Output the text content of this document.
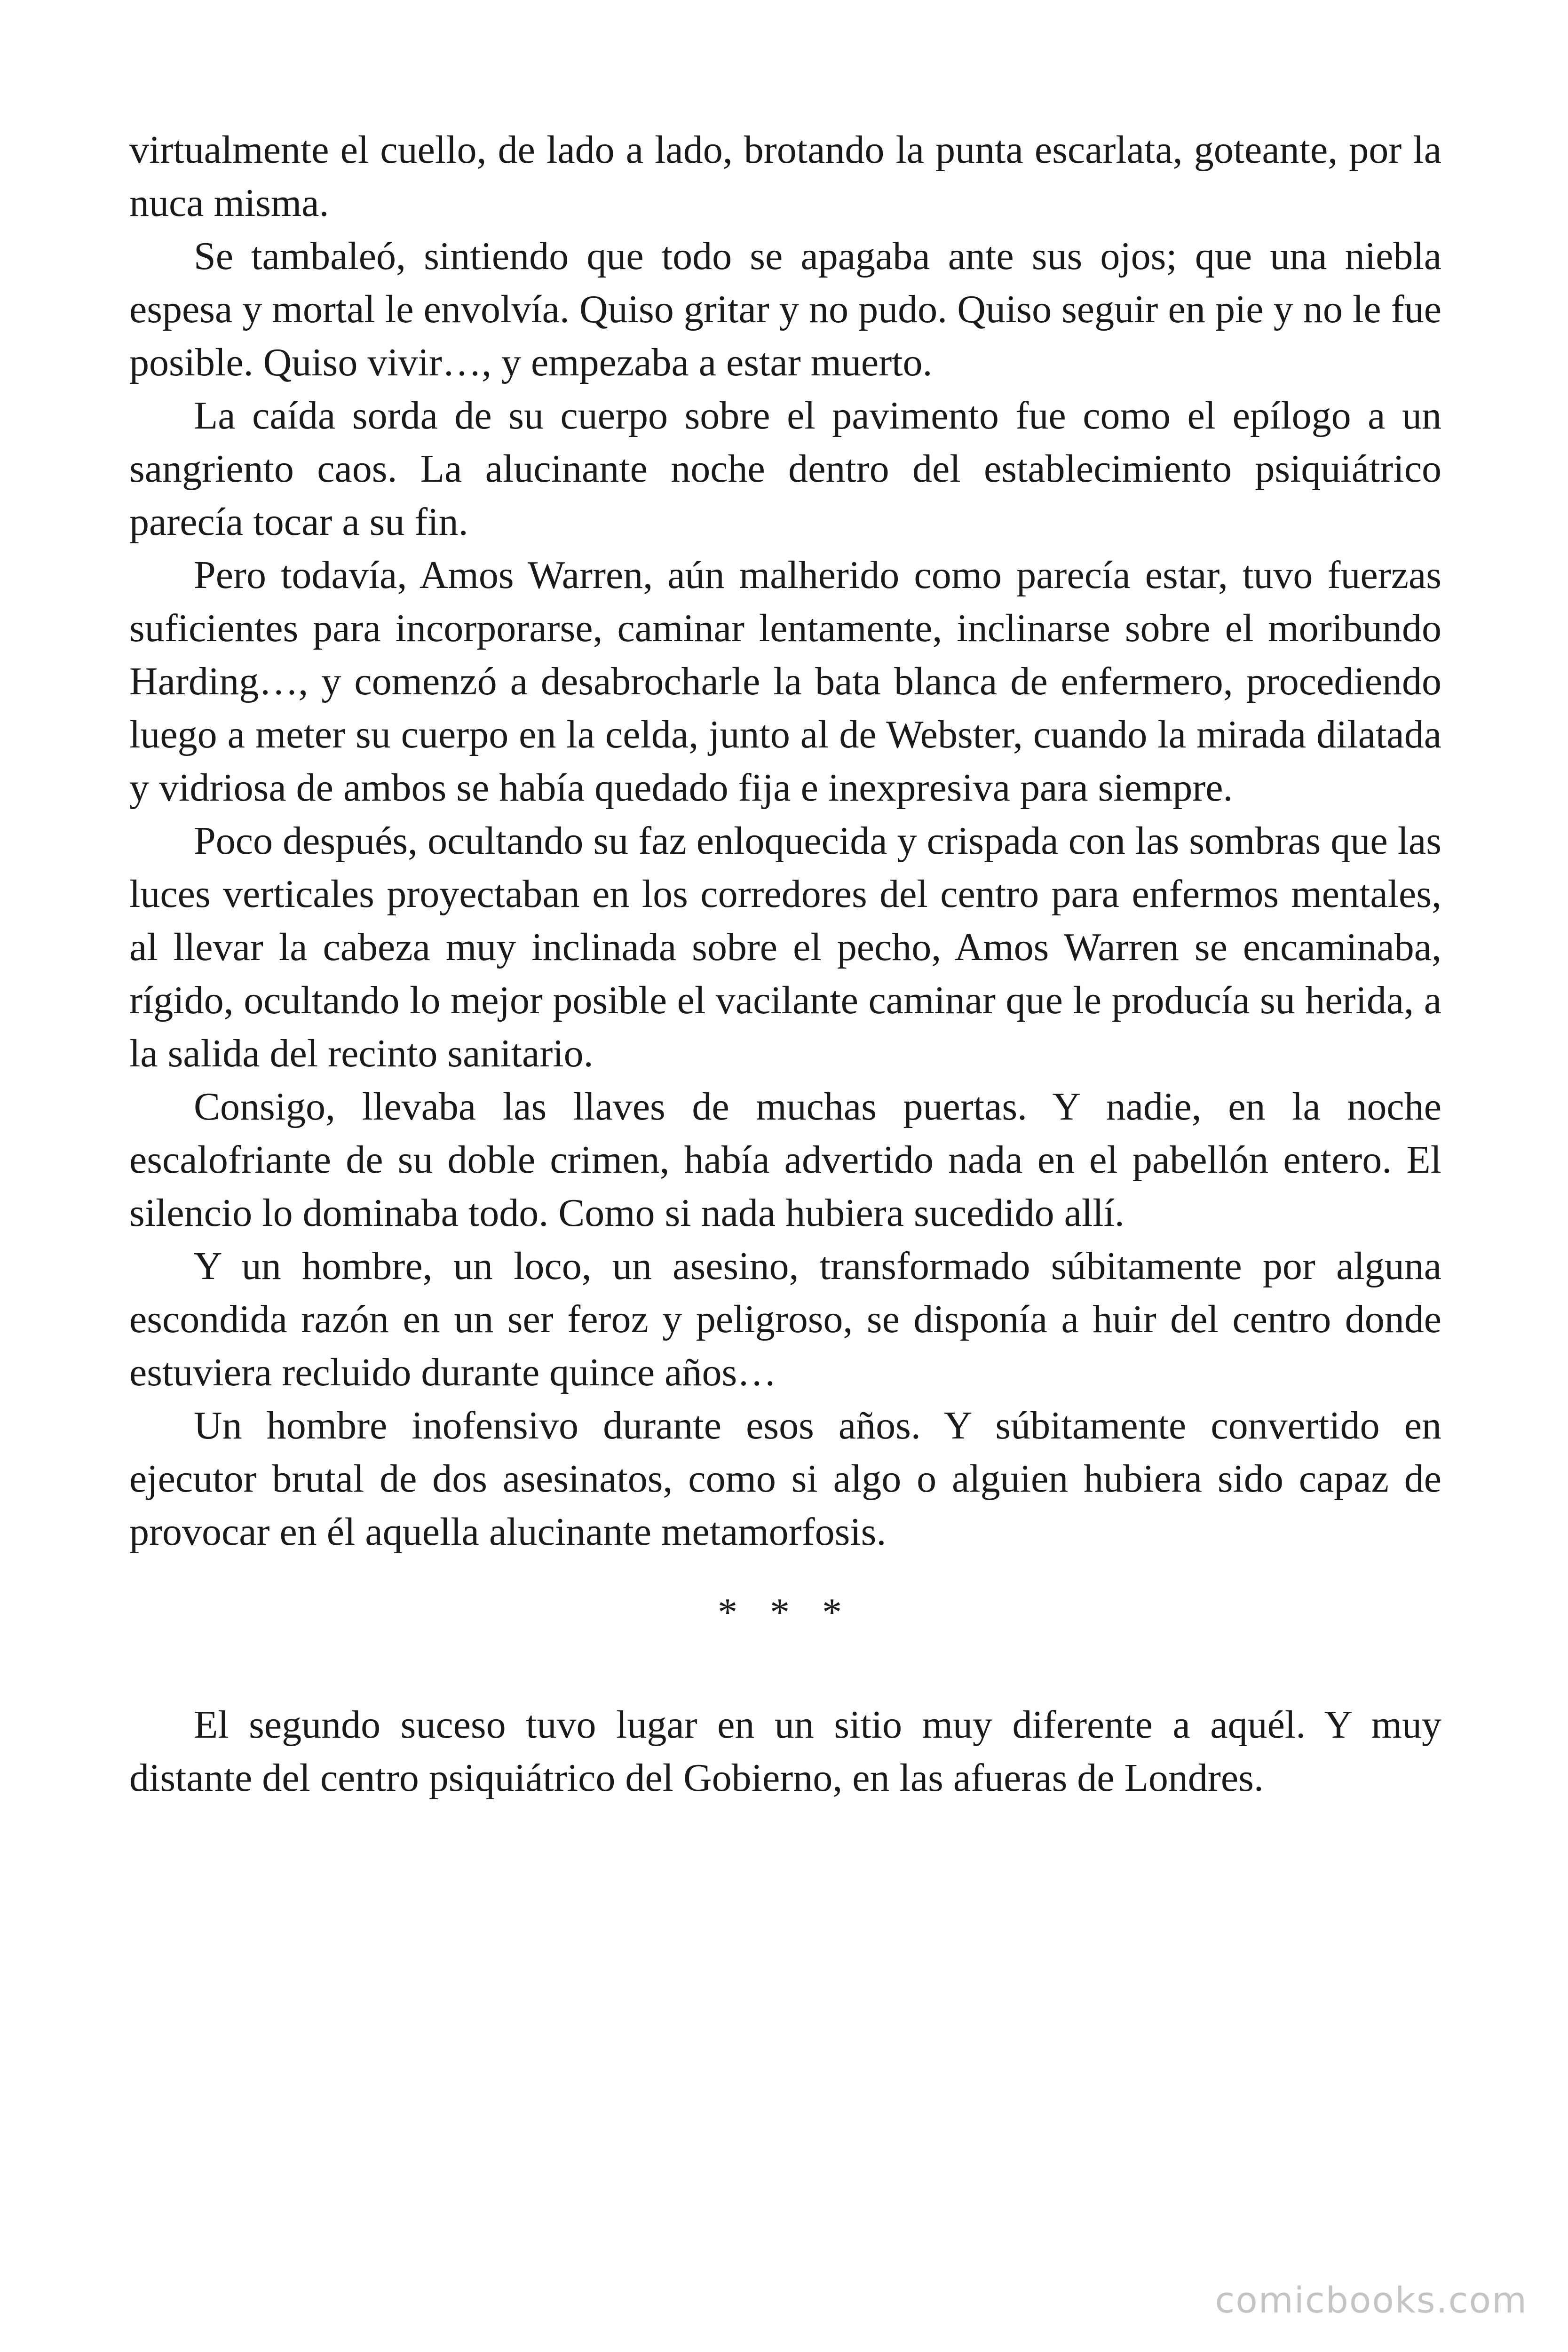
virtualmente el cuello, de lado a lado, brotando la punta escarlata, goteante, por la nuca misma.

Se tambaleó, sintiendo que todo se apagaba ante sus ojos; que una niebla espesa y mortal le envolvía. Quiso gritar y no pudo. Quiso seguir en pie y no le fue posible. Quiso vivir…, y empezaba a estar muerto.

La caída sorda de su cuerpo sobre el pavimento fue como el epílogo a un sangriento caos. La alucinante noche dentro del establecimiento psiquiátrico parecía tocar a su fin.

Pero todavía, Amos Warren, aún malherido como parecía estar, tuvo fuerzas suficientes para incorporarse, caminar lentamente, inclinarse sobre el moribundo Harding…, y comenzó a desabrocharle la bata blanca de enfermero, procediendo luego a meter su cuerpo en la celda, junto al de Webster, cuando la mirada dilatada y vidriosa de ambos se había quedado fija e inexpresiva para siempre.

Poco después, ocultando su faz enloquecida y crispada con las sombras que las luces verticales proyectaban en los corredores del centro para enfermos mentales, al llevar la cabeza muy inclinada sobre el pecho, Amos Warren se encaminaba, rígido, ocultando lo mejor posible el vacilante caminar que le producía su herida, a la salida del recinto sanitario.

Consigo, llevaba las llaves de muchas puertas. Y nadie, en la noche escalofriante de su doble crimen, había advertido nada en el pabellón entero. El silencio lo dominaba todo. Como si nada hubiera sucedido allí.

Y un hombre, un loco, un asesino, transformado súbitamente por alguna escondida razón en un ser feroz y peligroso, se disponía a huir del centro donde estuviera recluido durante quince años…

Un hombre inofensivo durante esos años. Y súbitamente convertido en ejecutor brutal de dos asesinatos, como si algo o alguien hubiera sido capaz de provocar en él aquella alucinante metamorfosis.

* * *

El segundo suceso tuvo lugar en un sitio muy diferente a aquél. Y muy distante del centro psiquiátrico del Gobierno, en las afueras de Londres.

comicbooks.com
